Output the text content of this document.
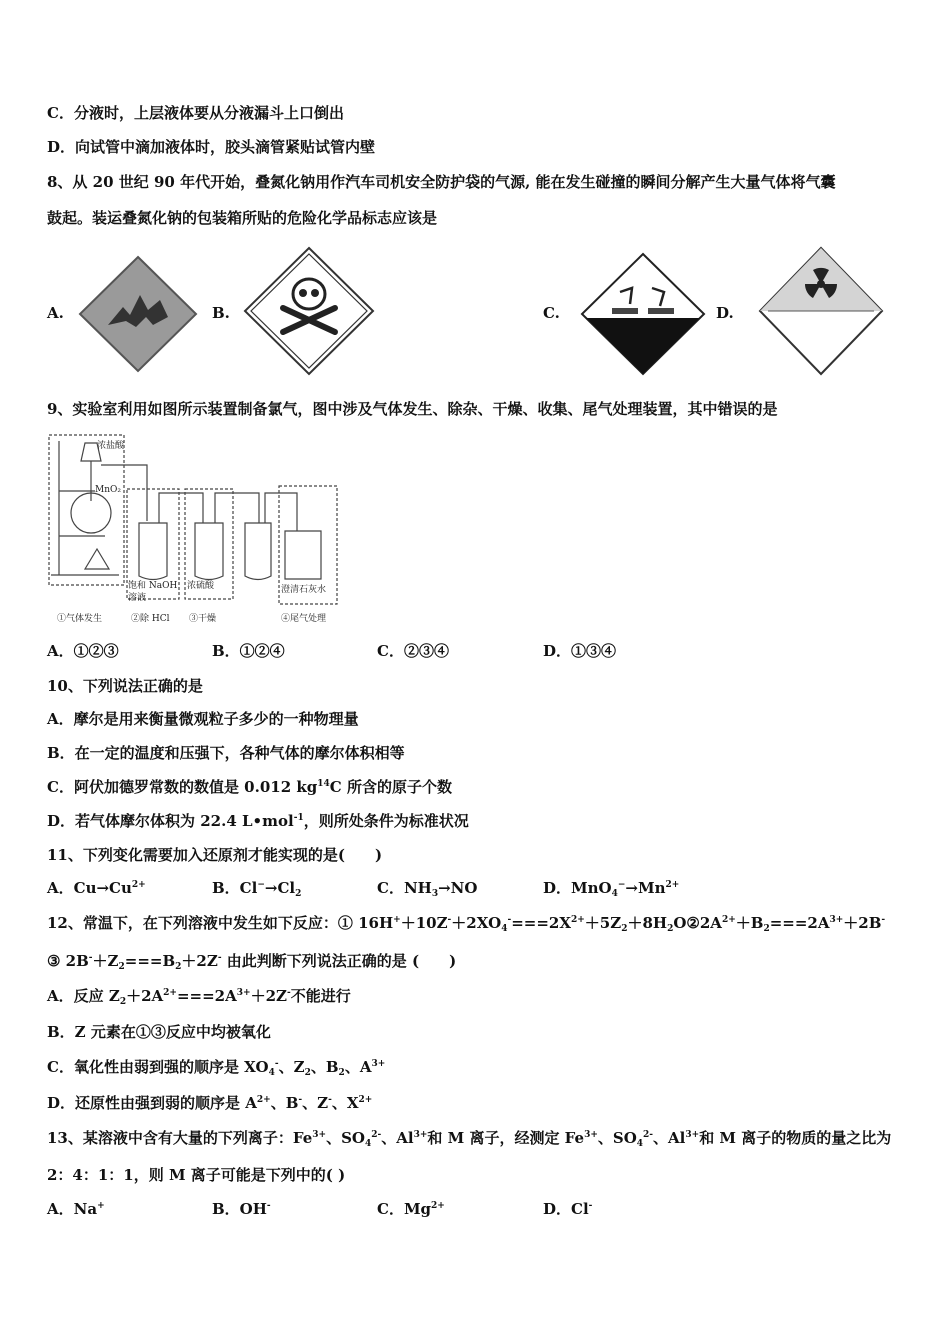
C．分液时，上层液体要从分液漏斗上口倒出
D．向试管中滴加液体时，胶头滴管紧贴试管内壁
8、从 20 世纪 90 年代开始，叠氮化钠用作汽车司机安全防护袋的气源, 能在发生碰撞的瞬间分解产生大量气体将气囊
鼓起。装运叠氮化钠的包装箱所贴的危险化学品标志应该是
A.	B.	C.	D.
9、实验室利用如图所示装置制备氯气，图中涉及气体发生、除杂、干燥、收集、尾气处理装置，其中错误的是
浓盐酸
MnO₂
饱和 NaOH
溶液
浓硫酸	澄清石灰水
①气体发生	②除 HCl ③干燥	④尾气处理
A．①②③	B．①②④	C．②③④	D．①③④
10、下列说法正确的是
A．摩尔是用来衡量微观粒子多少的一种物理量
B．在一定的温度和压强下，各种气体的摩尔体积相等
C．阿伏加德罗常数的数值是 0.012 $kg^{14}C$ 所含的原子个数
D．若气体摩尔体积为 22.4 L•mol$^{-1}$，则所处条件为标准状况
11、下列变化需要加入还原剂才能实现的是(　　)
A．$Cu\to Cu^{2+}$	B．$Cl^-\to Cl_2$	C．$NH_3\to NO$	D．$MnO_4^-\to Mn^{2+}$
12、常温下，在下列溶液中发生如下反应：① $16H^++10Z^-+2XO_4^-===2X^{2+}+5Z_2+8H_2O②2A^{2+}+B_2===2A^{3+}+2B^-$
③ $2B^-+Z_2===B_2+2Z^-$ 由此判断下列说法正确的是 (　　)
A．反应 $Z_2+2A^{2+}===2A^{3+}+2Z^-$不能进行
B．Z 元素在①③反应中均被氧化
C．氧化性由弱到强的顺序是 $XO_4^-$、$Z_2$、$B_2$、$A^{3+}$
D．还原性由强到弱的顺序是 $A^{2+}$、B-、Z-、$X^{2+}$
13、某溶液中含有大量的下列离子：$Fe^{3+}$、$SO_4^{2-}$、$Al^{3+}$和 M 离子，经测定 $Fe^{3+}$、$SO_4^{2-}$、$Al^{3+}$和 M 离子的物质的量之比为
2：4：1：1，则 M 离子可能是下列中的( )
A．Na+	B．OH-	C．$Mg^{2+}$	D．Cl-
